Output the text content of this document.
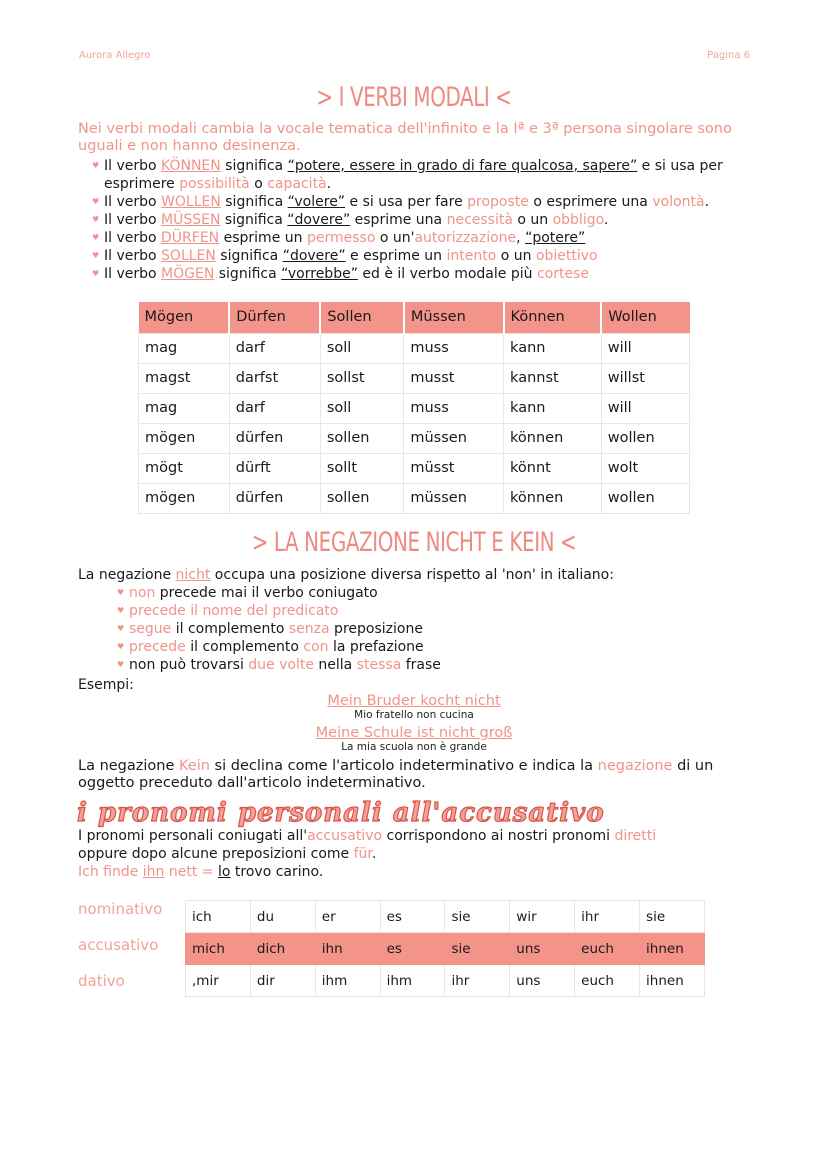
Aurora Allegro	Pagina 6
> I VERBI MODALI <
Nei verbi modali cambia la vocale tematica dell'infinito e la Iª e 3ª persona singolare sono uguali e non hanno desinenza.
♥ Il verbo KÖNNEN significa “potere, essere in grado di fare qualcosa, sapere” e si usa per esprimere possibilità o capacità.
♥ Il verbo WOLLEN significa “volere” e si usa per fare proposte o esprimere una volontà.
♥ Il verbo MÜSSEN significa “dovere” esprime una necessità o un obbligo.
♥ Il verbo DÜRFEN esprime un permesso o un'autorizzazione, “potere”
♥ Il verbo SOLLEN significa “dovere” e esprime un intento o un obiettivo
♥ Il verbo MÖGEN significa “vorrebbe” ed è il verbo modale più cortese
Mögen	Dürfen	Sollen	Müssen	Können	Wollen
mag	darf	soll	muss	kann	will
magst	darfst	sollst	musst	kannst	willst
mag	darf	soll	muss	kann	will
mögen	dürfen	sollen	müssen	können	wollen
mögt	dürft	sollt	müsst	könnt	wolt
mögen	dürfen	sollen	müssen	können	wollen
> LA NEGAZIONE NICHT E KEIN <
La negazione nicht occupa una posizione diversa rispetto al 'non' in italiano:
♥ non precede mai il verbo coniugato
♥ precede il nome del predicato
♥ segue il complemento senza preposizione
♥ precede il complemento con la prefazione
♥ non può trovarsi due volte nella stessa frase
Esempi:
Mein Bruder kocht nicht
Mio fratello non cucina
Meine Schule ist nicht groß
La mia scuola non è grande
La negazione Kein si declina come l'articolo indeterminativo e indica la negazione di un oggetto preceduto dall'articolo indeterminativo.
i pronomi personali all'accusativo
I pronomi personali coniugati all'accusativo corrispondono ai nostri pronomi diretti
oppure dopo alcune preposizioni come für.
Ich finde ihn nett = lo trovo carino.
nominativo
accusativo
dativo
ich	du	er	es	sie	wir	ihr	sie
mich	dich	ihn	es	sie	uns	euch	ihnen
,mir	dir	ihm	ihm	ihr	uns	euch	ihnen
